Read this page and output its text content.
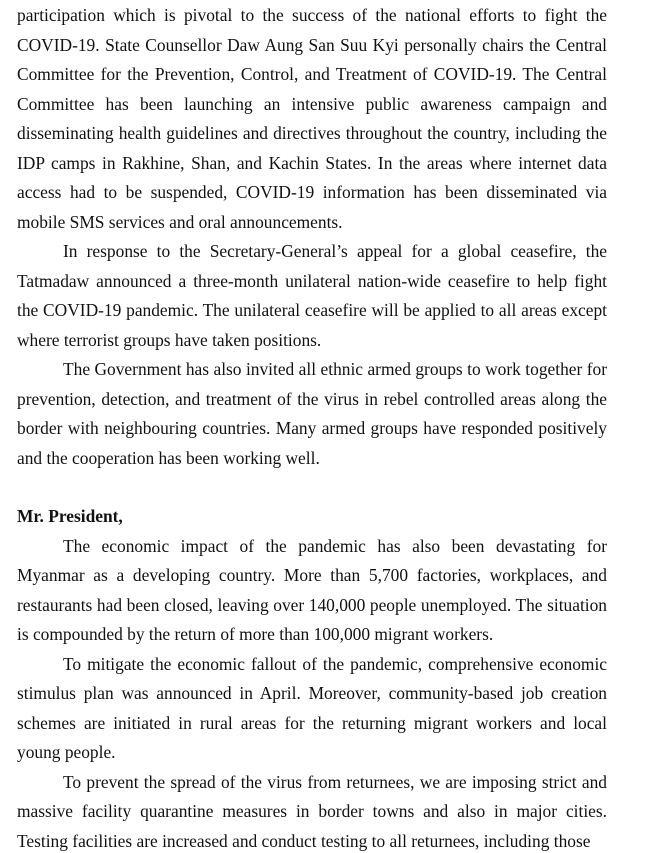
participation which is pivotal to the success of the national efforts to fight the COVID-19. State Counsellor Daw Aung San Suu Kyi personally chairs the Central Committee for the Prevention, Control, and Treatment of COVID-19. The Central Committee has been launching an intensive public awareness campaign and disseminating health guidelines and directives throughout the country, including the IDP camps in Rakhine, Shan, and Kachin States. In the areas where internet data access had to be suspended, COVID-19 information has been disseminated via mobile SMS services and oral announcements.

In response to the Secretary-General’s appeal for a global ceasefire, the Tatmadaw announced a three-month unilateral nation-wide ceasefire to help fight the COVID-19 pandemic. The unilateral ceasefire will be applied to all areas except where terrorist groups have taken positions.

The Government has also invited all ethnic armed groups to work together for prevention, detection, and treatment of the virus in rebel controlled areas along the border with neighbouring countries. Many armed groups have responded positively and the cooperation has been working well.

Mr. President,

The economic impact of the pandemic has also been devastating for Myanmar as a developing country. More than 5,700 factories, workplaces, and restaurants had been closed, leaving over 140,000 people unemployed. The situation is compounded by the return of more than 100,000 migrant workers.

To mitigate the economic fallout of the pandemic, comprehensive economic stimulus plan was announced in April. Moreover, community-based job creation schemes are initiated in rural areas for the returning migrant workers and local young people.

To prevent the spread of the virus from returnees, we are imposing strict and massive facility quarantine measures in border towns and also in major cities. Testing facilities are increased and conduct testing to all returnees, including those
